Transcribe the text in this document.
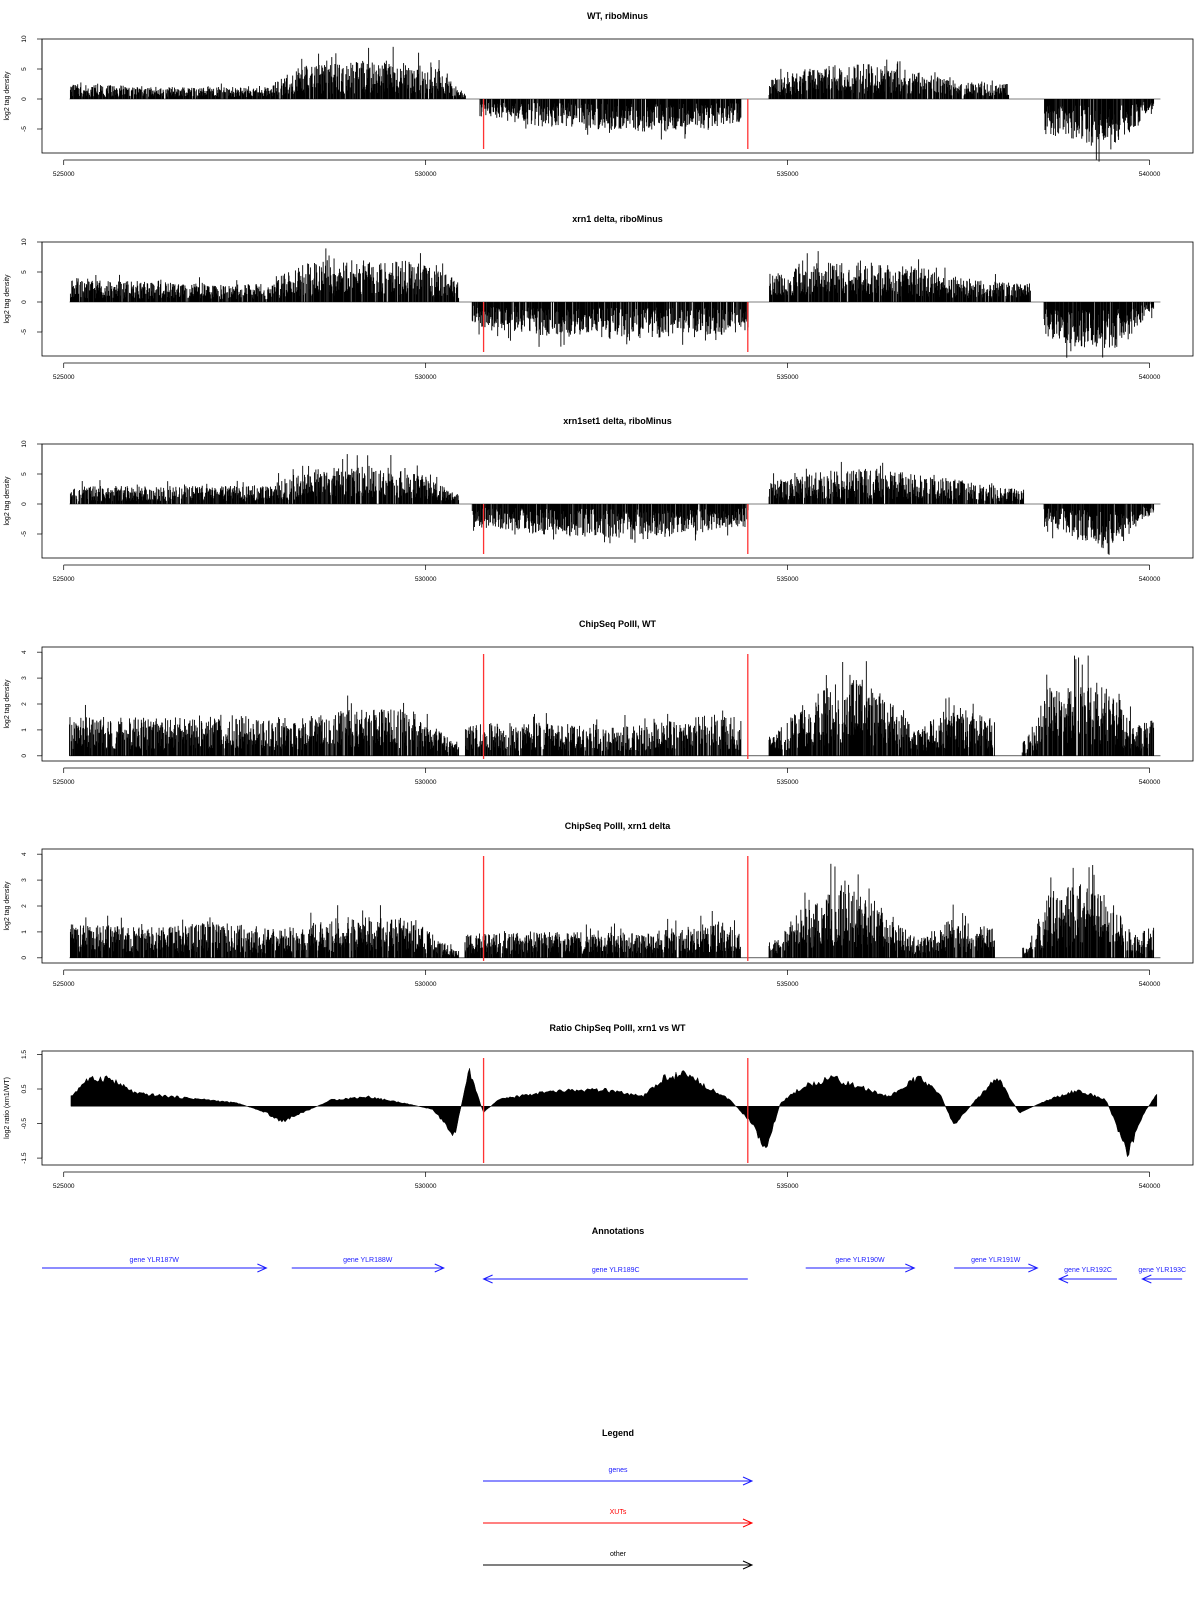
WT, riboMinus
log2 tag density
-5
0
5
10
525000	530000	535000	540000
xrn1 delta, riboMinus
log2 tag density
-5
0
5
10
525000	530000	535000	540000
xrn1set1 delta, riboMinus
log2 tag density
-5
0
5
10
525000	530000	535000	540000
ChipSeq PolII, WT
log2 tag density
0
1
2
3
4
525000	530000	535000	540000
ChipSeq PolII, xrn1 delta
log2 tag density
0
1
2
3
4
525000	530000	535000	540000
Ratio ChipSeq PolII, xrn1 vs WT
log2 ratio (xrn1/WT)
-1.5
-0.5
0.5
1.5
525000	530000	535000	540000
Annotations
gene YLR187W	gene YLR188W
gene YLR189C
gene YLR190W	gene YLR191W
gene YLR192C	gene YLR193C
Legend
genes
XUTs
other
